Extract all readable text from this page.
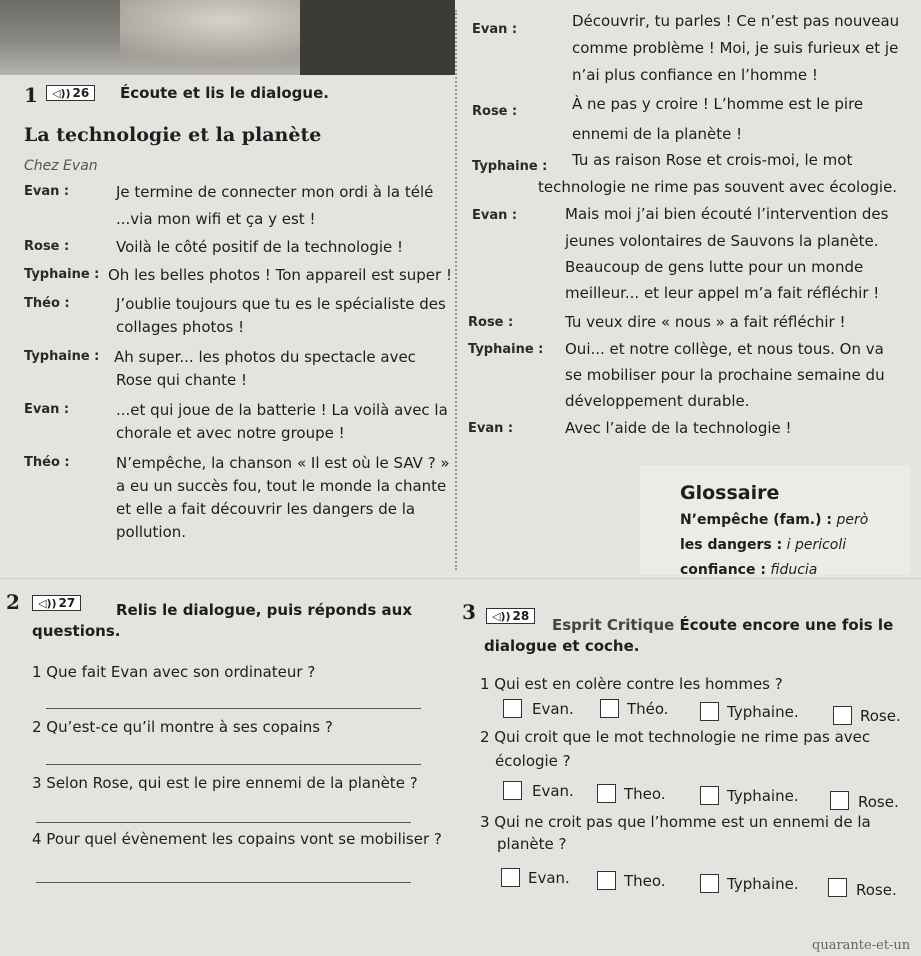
1	◁)) 26	Écoute et lis le dialogue.
La technologie et la planète
Chez Evan
Evan :	Je termine de connecter mon ordi à la télé
...via mon wifi et ça y est !
Rose :	Voilà le côté positif de la technologie !
Typhaine : Oh les belles photos ! Ton appareil est super !
Théo :	J’oublie toujours que tu es le spécialiste des
collages photos !
Typhaine : Ah super... les photos du spectacle avec
Rose qui chante !
Evan :	...et qui joue de la batterie ! La voilà avec la
chorale et avec notre groupe !
Théo :	N’empêche, la chanson « Il est où le SAV ? »
a eu un succès fou, tout le monde la chante
et elle a fait découvrir les dangers de la
pollution.
Evan :	Découvrir, tu parles ! Ce n’est pas nouveau
comme problème ! Moi, je suis furieux et je
n’ai plus confiance en l’homme !
Rose :	À ne pas y croire ! L’homme est le pire
ennemi de la planète !
Typhaine : Tu as raison Rose et crois-moi, le mot
technologie ne rime pas souvent avec écologie.
Evan :	Mais moi j’ai bien écouté l’intervention des
jeunes volontaires de Sauvons la planète.
Beaucoup de gens lutte pour un monde
meilleur... et leur appel m’a fait réfléchir !
Rose :	Tu veux dire « nous » a fait réfléchir !
Typhaine : Oui... et notre collège, et nous tous. On va
se mobiliser pour la prochaine semaine du
développement durable.
Evan :	Avec l’aide de la technologie !
Glossaire
N’empêche (fam.) : però
les dangers : i pericoli
confiance : fiducia
2	◁)) 27	Relis le dialogue, puis réponds aux
questions.
1 Que fait Evan avec son ordinateur ?
2 Qu’est-ce qu’il montre à ses copains ?
3 Selon Rose, qui est le pire ennemi de la planète ?
4 Pour quel évènement les copains vont se mobiliser ?
3	◁)) 28	Esprit Critique Écoute encore une fois le
dialogue et coche.
1 Qui est en colère contre les hommes ?
Evan.	Théo.	Typhaine.	Rose.
2 Qui croit que le mot technologie ne rime pas avec
écologie ?
Evan.	Theo.	Typhaine.	Rose.
3 Qui ne croit pas que l’homme est un ennemi de la
planète ?
Evan.	Theo.	Typhaine.	Rose.
quarante-et-un
